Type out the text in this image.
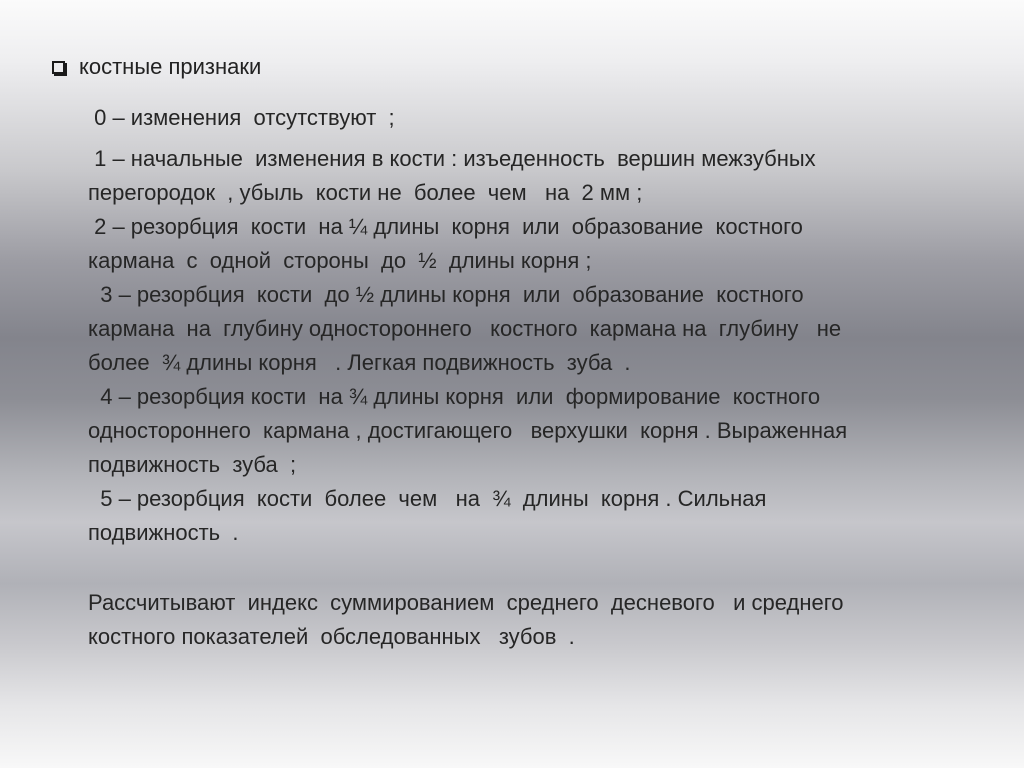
костные признаки
0 – изменения  отсутствуют  ;
1 – начальные  изменения в кости : изъеденность  вершин межзубных
перегородок  , убыль  кости не  более  чем   на  2 мм ;
2 – резорбция  кости  на ¼ длины  корня  или  образование  костного
кармана  с  одной  стороны  до  ½  длины корня ;
3 – резорбция  кости  до ½ длины корня  или  образование  костного
кармана  на  глубину одностороннего   костного  кармана на  глубину   не
более  ¾ длины корня   . Легкая подвижность  зуба  .
4 – резорбция кости  на ¾ длины корня  или  формирование  костного
одностороннего  кармана , достигающего   верхушки  корня . Выраженная
подвижность  зуба  ;
5 – резорбция  кости  более  чем   на  ¾  длины  корня . Сильная
подвижность  .
Рассчитывают  индекс  суммированием  среднего  десневого   и среднего
костного показателей  обследованных   зубов  .
